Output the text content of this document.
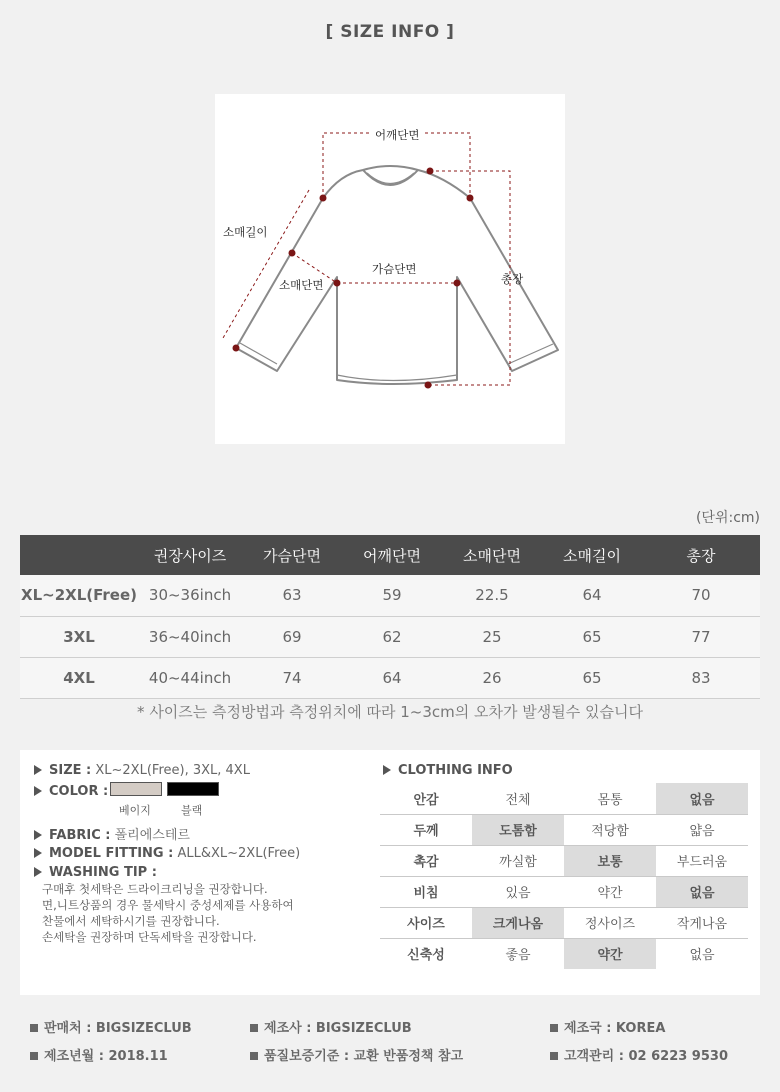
[ SIZE INFO ]
어깨단면
소매길이
가슴단면
소매단면	총장
(단위:cm)
	권장사이즈	가슴단면	어깨단면	소매단면	소매길이	총장
XL~2XL(Free)	30~36inch	63	59	22.5	64	70
3XL	36~40inch	69	62	25	65	77
4XL	40~44inch	74	64	26	65	83
* 사이즈는 측정방법과 측정위치에 따라 1~3cm의 오차가 발생될수 있습니다
SIZE : XL~2XL(Free), 3XL, 4XL
COLOR :
베이지	블랙
FABRIC : 폴리에스테르
MODEL FITTING : ALL&XL~2XL(Free)
WASHING TIP :
구매후 첫세탁은 드라이크리닝을 권장합니다.
면,니트상품의 경우 물세탁시 중성세제를 사용하여
찬물에서 세탁하시기를 권장합니다.
손세탁을 권장하며 단독세탁을 권장합니다.
CLOTHING INFO
안감	전체	몸통	없음
두께	도톰함	적당함	얇음
촉감	까실함	보통	부드러움
비침	있음	약간	없음
사이즈	크게나옴	정사이즈	작게나옴
신축성	좋음	약간	없음
판매처 : BIGSIZECLUB	제조사 : BIGSIZECLUB	제조국 : KOREA
제조년월 : 2018.11	품질보증기준 : 교환 반품정책 참고	고객관리 : 02 6223 9530
